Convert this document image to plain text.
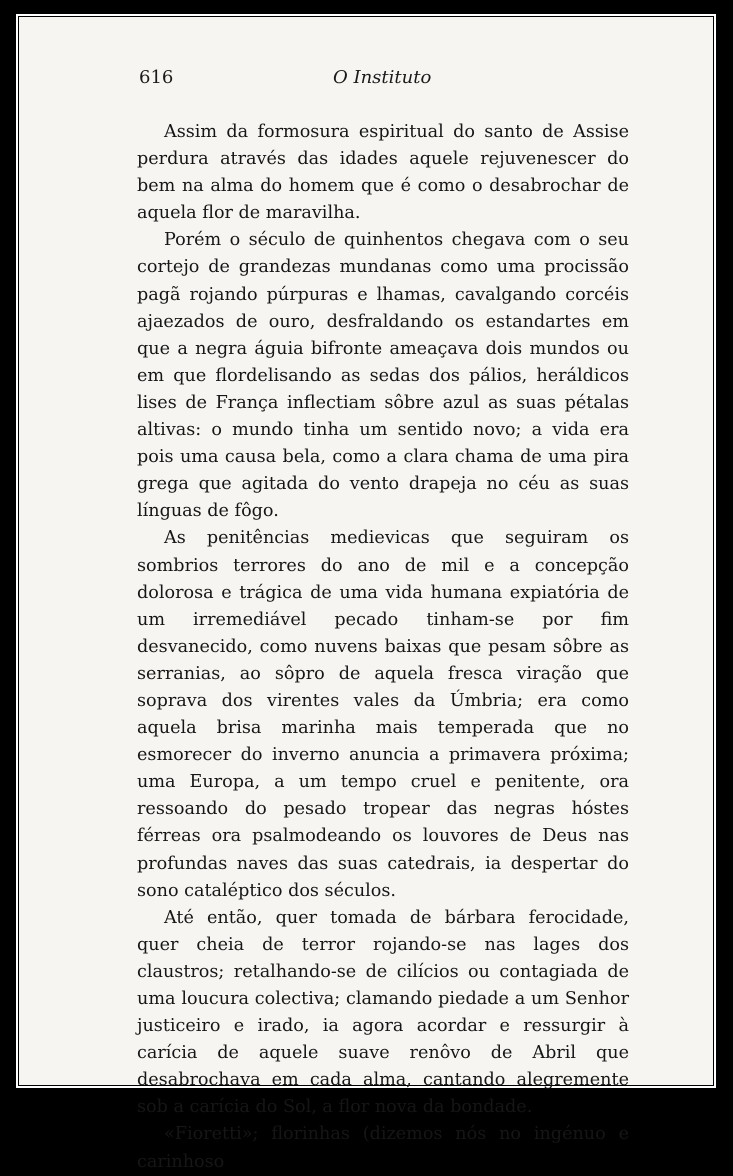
616	O Instituto

Assim da formosura espiritual do santo de Assise perdura através das idades aquele rejuvenescer do bem na alma do homem que é como o desabrochar de aquela flor de maravilha.

Porém o século de quinhentos chegava com o seu cortejo de grandezas mundanas como uma procissão pagã rojando púrpuras e lhamas, cavalgando corcéis ajaezados de ouro, desfraldando os estandartes em que a negra águia bifronte ameaçava dois mundos ou em que flordelisando as sedas dos pálios, heráldicos lises de França inflectiam sôbre azul as suas pétalas altivas: o mundo tinha um sentido novo; a vida era pois uma causa bela, como a clara chama de uma pira grega que agitada do vento drapeja no céu as suas línguas de fôgo.

As penitências medievicas que seguiram os sombrios terrores do ano de mil e a concepção dolorosa e trágica de uma vida humana expiatória de um irremediável pecado tinham-se por fim desvanecido, como nuvens baixas que pesam sôbre as serranias, ao sôpro de aquela fresca viração que soprava dos virentes vales da Úmbria; era como aquela brisa marinha mais temperada que no esmorecer do inverno anuncia a primavera próxima; uma Europa, a um tempo cruel e penitente, ora ressoando do pesado tropear das negras hóstes férreas ora psalmodeando os louvores de Deus nas profundas naves das suas catedrais, ia despertar do sono cataléptico dos séculos.

Até então, quer tomada de bárbara ferocidade, quer cheia de terror rojando-se nas lages dos claustros; retalhando-se de cilícios ou contagiada de uma loucura colectiva; clamando piedade a um Senhor justiceiro e irado, ia agora acordar e ressurgir à carícia de aquele suave renôvo de Abril que desabrochava em cada alma, cantando alegremente sob a carícia do Sol, a flor nova da bondade.

«Fioretti»; florinhas (dizemos nós no ingénuo e carinhoso
